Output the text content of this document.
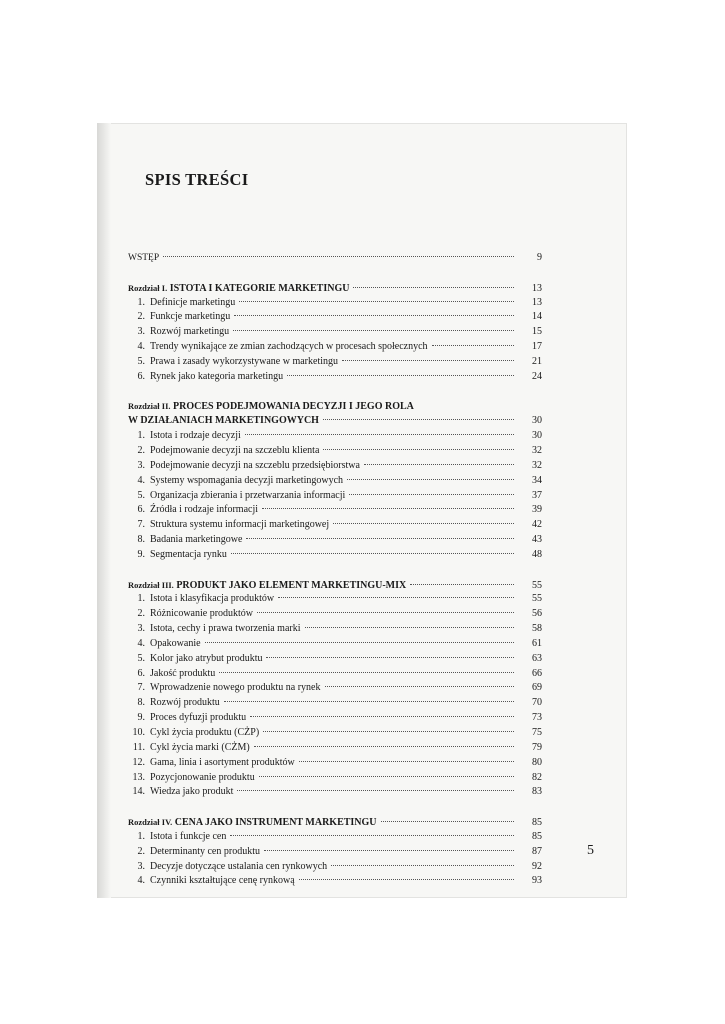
SPIS TREŚCI
WSTĘP	9
Rozdział I. ISTOTA I KATEGORIE MARKETINGU	13
1. Definicje marketingu	13
2. Funkcje marketingu	14
3. Rozwój marketingu	15
4. Trendy wynikające ze zmian zachodzących w procesach społecznych	17
5. Prawa i zasady wykorzystywane w marketingu	21
6. Rynek jako kategoria marketingu	24
Rozdział II. PROCES PODEJMOWANIA DECYZJI I JEGO ROLA
W DZIAŁANIACH MARKETINGOWYCH	30
1. Istota i rodzaje decyzji	30
2. Podejmowanie decyzji na szczeblu klienta	32
3. Podejmowanie decyzji na szczeblu przedsiębiorstwa	32
4. Systemy wspomagania decyzji marketingowych	34
5. Organizacja zbierania i przetwarzania informacji	37
6. Źródła i rodzaje informacji	39
7. Struktura systemu informacji marketingowej	42
8. Badania marketingowe	43
9. Segmentacja rynku	48
Rozdział III. PRODUKT JAKO ELEMENT MARKETINGU-MIX	55
1. Istota i klasyfikacja produktów	55
2. Różnicowanie produktów	56
3. Istota, cechy i prawa tworzenia marki	58
4. Opakowanie	61
5. Kolor jako atrybut produktu	63
6. Jakość produktu	66
7. Wprowadzenie nowego produktu na rynek	69
8. Rozwój produktu	70
9. Proces dyfuzji produktu	73
10. Cykl życia produktu (CŻP)	75
11. Cykl życia marki (CŻM)	79
12. Gama, linia i asortyment produktów	80
13. Pozycjonowanie produktu	82
14. Wiedza jako produkt	83
Rozdział IV. CENA JAKO INSTRUMENT MARKETINGU	85
1. Istota i funkcje cen	85
2. Determinanty cen produktu	87
3. Decyzje dotyczące ustalania cen rynkowych	92
4. Czynniki kształtujące cenę rynkową	93
5
